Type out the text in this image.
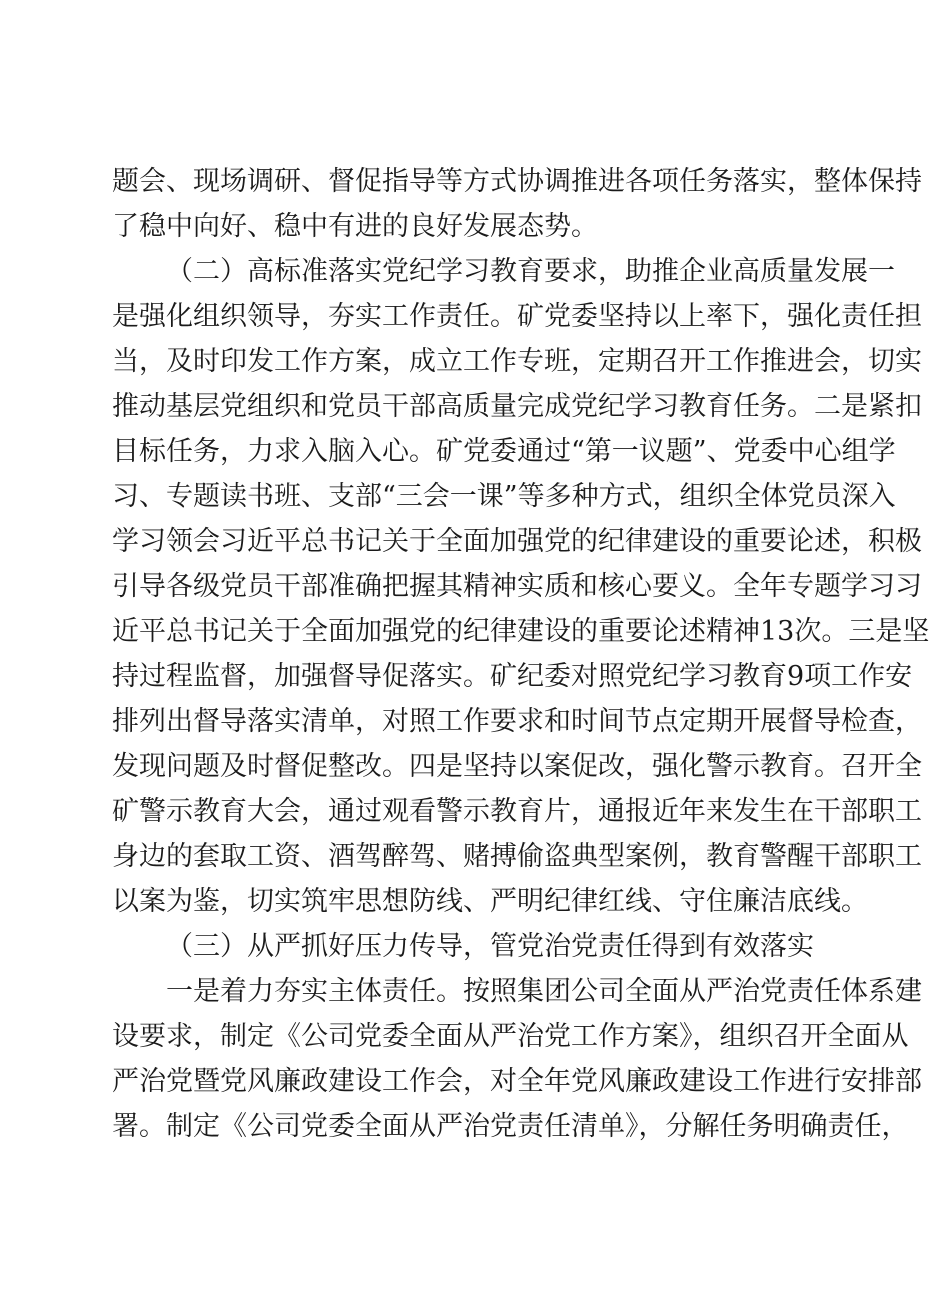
题会、现场调研、督促指导等方式协调推进各项任务落实，整体保持
了稳中向好、稳中有进的良好发展态势。
（二）高标准落实党纪学习教育要求，助推企业高质量发展一
是强化组织领导，夯实工作责任。矿党委坚持以上率下，强化责任担
当，及时印发工作方案，成立工作专班，定期召开工作推进会，切实
推动基层党组织和党员干部高质量完成党纪学习教育任务。二是紧扣
目标任务，力求入脑入心。矿党委通过“第一议题”、党委中心组学
习、专题读书班、支部“三会一课”等多种方式，组织全体党员深入
学习领会习近平总书记关于全面加强党的纪律建设的重要论述，积极
引导各级党员干部准确把握其精神实质和核心要义。全年专题学习习
近平总书记关于全面加强党的纪律建设的重要论述精神13次。三是坚
持过程监督，加强督导促落实。矿纪委对照党纪学习教育9项工作安
排列出督导落实清单，对照工作要求和时间节点定期开展督导检查，
发现问题及时督促整改。四是坚持以案促改，强化警示教育。召开全
矿警示教育大会，通过观看警示教育片，通报近年来发生在干部职工
身边的套取工资、酒驾醉驾、赌搏偷盗典型案例，教育警醒干部职工
以案为鉴，切实筑牢思想防线、严明纪律红线、守住廉洁底线。
（三）从严抓好压力传导，管党治党责任得到有效落实
一是着力夯实主体责任。按照集团公司全面从严治党责任体系建
设要求，制定《公司党委全面从严治党工作方案》，组织召开全面从
严治党暨党风廉政建设工作会，对全年党风廉政建设工作进行安排部
署。制定《公司党委全面从严治党责任清单》，分解任务明确责任，
